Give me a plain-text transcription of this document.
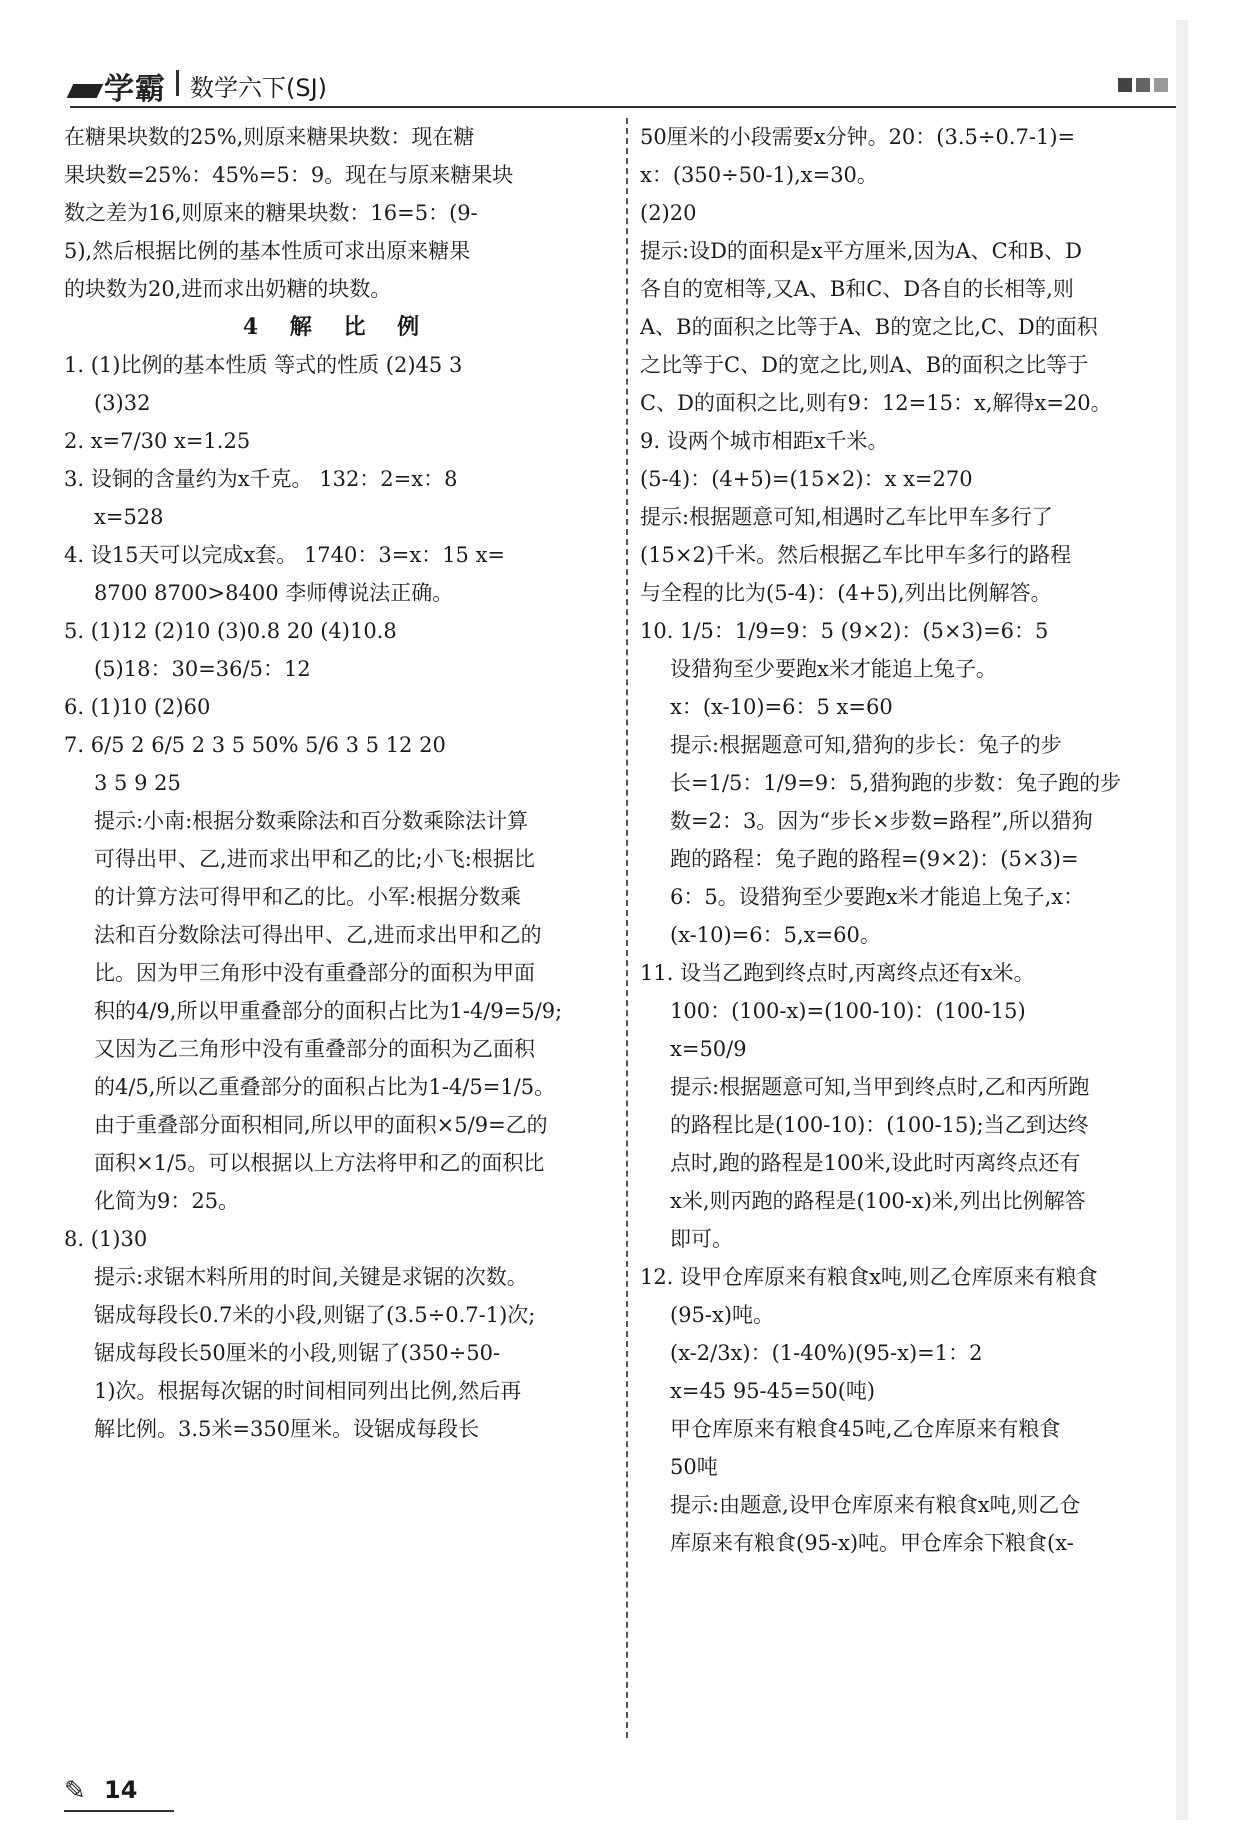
学霸 数学六下(SJ)

在糖果块数的25%,则原来糖果块数：现在糖

果块数=25%：45%=5：9。现在与原来糖果块

数之差为16,则原来的糖果块数：16=5：(9-

5),然后根据比例的基本性质可求出原来糖果

的块数为20,进而求出奶糖的块数。

4 解 比 例

1. (1)比例的基本性质 等式的性质 (2)45 3

(3)32

2. x=7/30 x=1.25

3. 设铜的含量约为x千克。 132：2=x：8

x=528

4. 设15天可以完成x套。 1740：3=x：15 x=

8700 8700>8400 李师傅说法正确。

5. (1)12 (2)10 (3)0.8 20 (4)10.8

(5)18：30=36/5：12

6. (1)10 (2)60

7. 6/5 2 6/5 2 3 5 50% 5/6 3 5 12 20

3 5 9 25

提示:小南:根据分数乘除法和百分数乘除法计算

可得出甲、乙,进而求出甲和乙的比;小飞:根据比

的计算方法可得甲和乙的比。小军:根据分数乘

法和百分数除法可得出甲、乙,进而求出甲和乙的

比。因为甲三角形中没有重叠部分的面积为甲面

积的4/9,所以甲重叠部分的面积占比为1-4/9=5/9;

又因为乙三角形中没有重叠部分的面积为乙面积

的4/5,所以乙重叠部分的面积占比为1-4/5=1/5。

由于重叠部分面积相同,所以甲的面积×5/9=乙的

面积×1/5。可以根据以上方法将甲和乙的面积比

化简为9：25。

8. (1)30

提示:求锯木料所用的时间,关键是求锯的次数。

锯成每段长0.7米的小段,则锯了(3.5÷0.7-1)次;

锯成每段长50厘米的小段,则锯了(350÷50-

1)次。根据每次锯的时间相同列出比例,然后再

解比例。3.5米=350厘米。设锯成每段长

50厘米的小段需要x分钟。20：(3.5÷0.7-1)=

x：(350÷50-1),x=30。

(2)20

提示:设D的面积是x平方厘米,因为A、C和B、D

各自的宽相等,又A、B和C、D各自的长相等,则

A、B的面积之比等于A、B的宽之比,C、D的面积

之比等于C、D的宽之比,则A、B的面积之比等于

C、D的面积之比,则有9：12=15：x,解得x=20。

9. 设两个城市相距x千米。

(5-4)：(4+5)=(15×2)：x x=270

提示:根据题意可知,相遇时乙车比甲车多行了

(15×2)千米。然后根据乙车比甲车多行的路程

与全程的比为(5-4)：(4+5),列出比例解答。

10. 1/5：1/9=9：5 (9×2)：(5×3)=6：5

设猎狗至少要跑x米才能追上兔子。

x：(x-10)=6：5 x=60

提示:根据题意可知,猎狗的步长：兔子的步

长=1/5：1/9=9：5,猎狗跑的步数：兔子跑的步

数=2：3。因为“步长×步数=路程”,所以猎狗

跑的路程：兔子跑的路程=(9×2)：(5×3)=

6：5。设猎狗至少要跑x米才能追上兔子,x：

(x-10)=6：5,x=60。

11. 设当乙跑到终点时,丙离终点还有x米。

100：(100-x)=(100-10)：(100-15)

x=50/9

提示:根据题意可知,当甲到终点时,乙和丙所跑

的路程比是(100-10)：(100-15);当乙到达终

点时,跑的路程是100米,设此时丙离终点还有

x米,则丙跑的路程是(100-x)米,列出比例解答

即可。

12. 设甲仓库原来有粮食x吨,则乙仓库原来有粮食

(95-x)吨。

(x-2/3x)：(1-40%)(95-x)=1：2

x=45 95-45=50(吨)

甲仓库原来有粮食45吨,乙仓库原来有粮食

50吨

提示:由题意,设甲仓库原来有粮食x吨,则乙仓

库原来有粮食(95-x)吨。甲仓库余下粮食(x-

✎ 14
